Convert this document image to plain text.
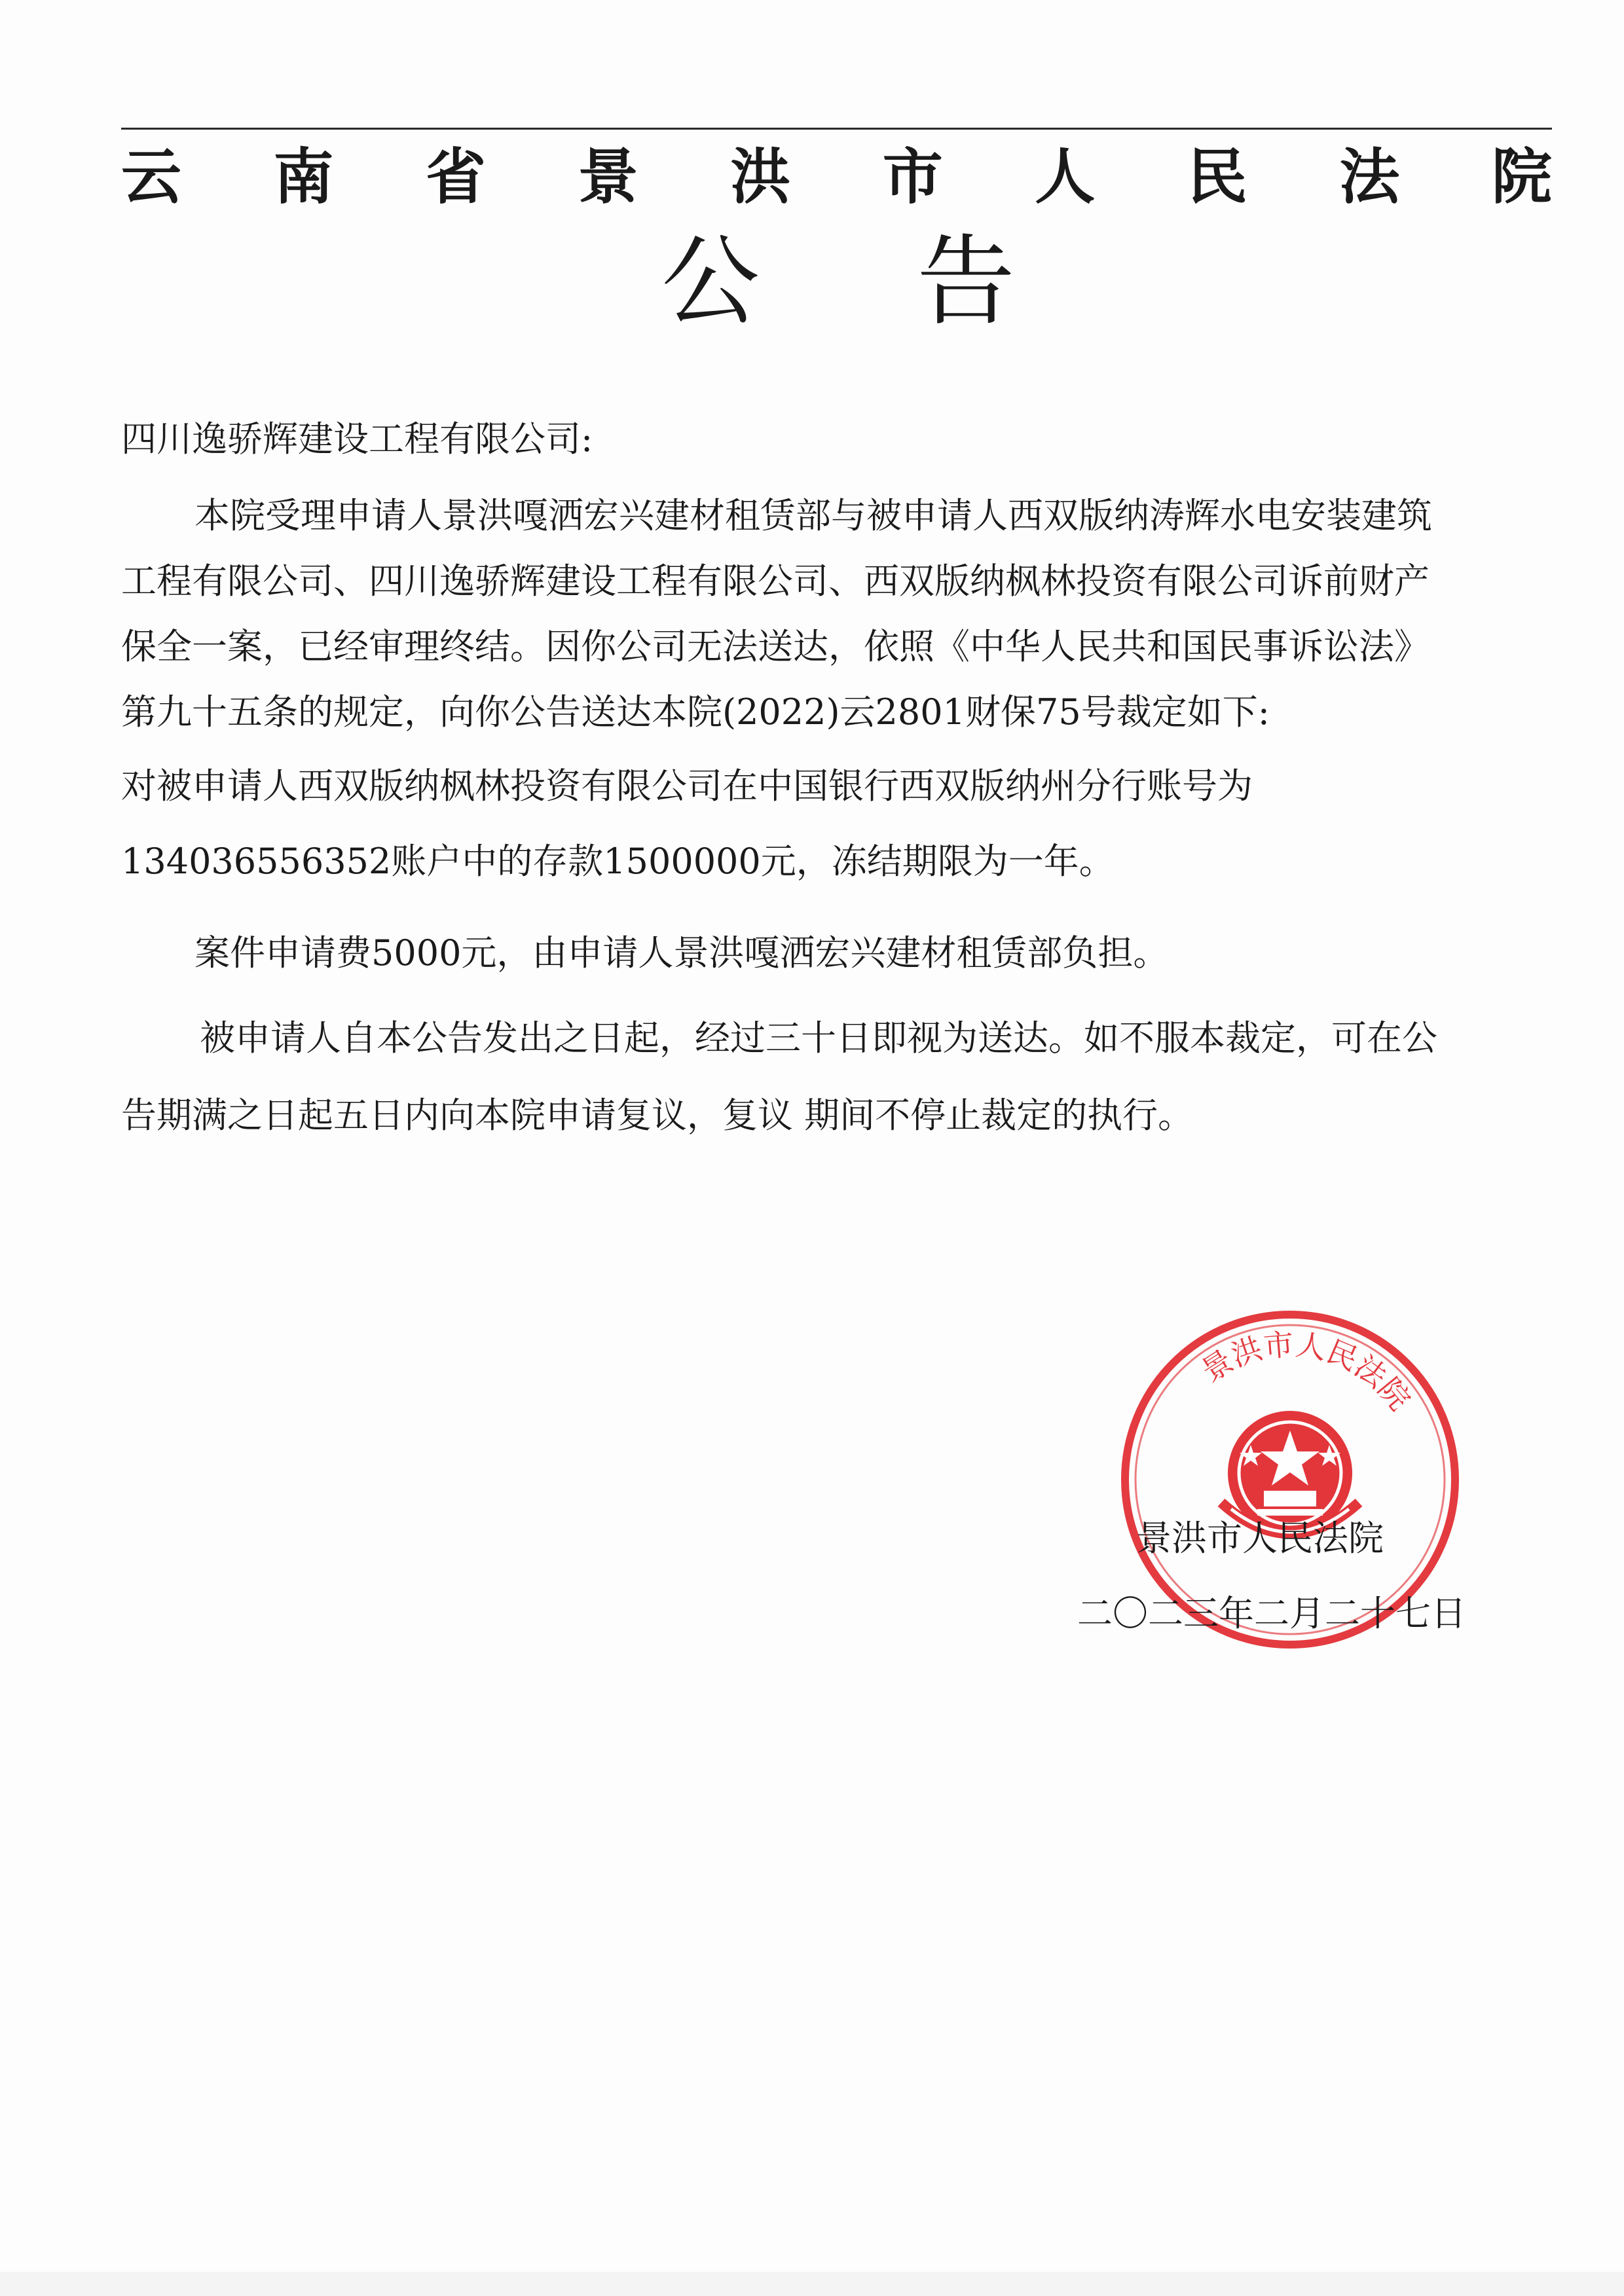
云 南 省 景 洪 市 人 民 法 院
公 告
四川逸骄辉建设工程有限公司:
本院受理申请人景洪嘎洒宏兴建材租赁部与被申请人西双版纳涛辉水电安装建筑
工程有限公司、四川逸骄辉建设工程有限公司、西双版纳枫林投资有限公司诉前财产
保全一案，已经审理终结。因你公司无法送达，依照《中华人民共和国民事诉讼法》
第九十五条的规定，向你公告送达本院(2022)云2801财保75号裁定如下:
对被申请人西双版纳枫林投资有限公司在中国银行西双版纳州分行账号为
134036556352账户中的存款1500000元，冻结期限为一年。
案件申请费5000元，由申请人景洪嘎洒宏兴建材租赁部负担。
被申请人自本公告发出之日起，经过三十日即视为送达。如不服本裁定，可在公
告期满之日起五日内向本院申请复议，复议 期间不停止裁定的执行。
景洪市人民法院
景洪市人民法院
二〇二三年二月二十七日
